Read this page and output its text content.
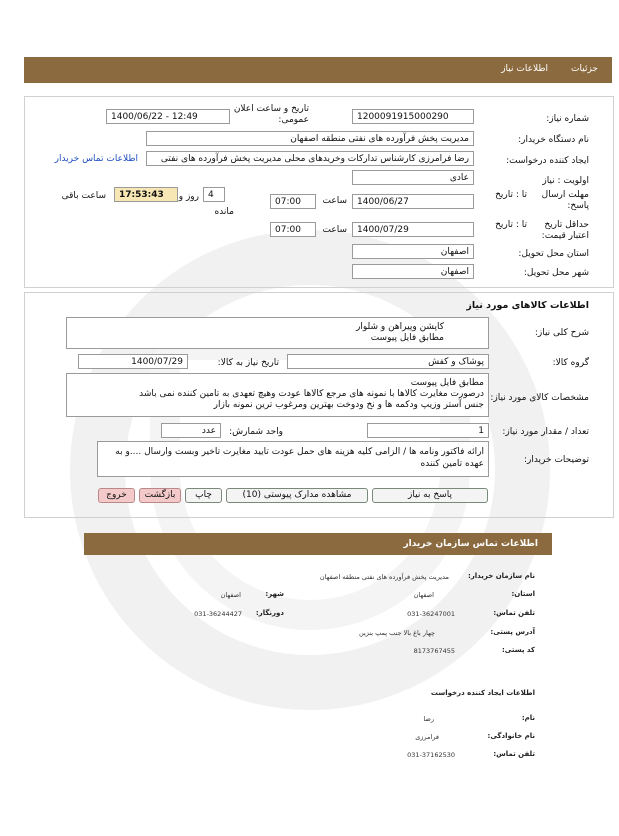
جزئیات
اطلاعات نیاز
شماره نیاز:
1200091915000290
تاریخ و ساعت اعلان عمومی:
1400/06/22 - 12:49
نام دستگاه خریدار:
مدیریت پخش فرآورده های نفتی منطقه اصفهان
ایجاد کننده درخواست:
رضا فرامرزی کارشناس تدارکات وخریدهای محلی مدیریت پخش فرآورده های نفتی
اطلاعات تماس خریدار
اولویت : نیاز
عادی
مهلت ارسال پاسخ:
تا : تاریخ
1400/06/27
ساعت
07:00
4
روز و
17:53:43
ساعت باقی
مانده
حداقل تاریخ اعتبار قیمت:
تا : تاریخ
1400/07/29
ساعت
07:00
استان محل تحویل:
اصفهان
شهر محل تحویل:
اصفهان
اطلاعات کالاهای مورد نیاز
شرح کلی نیاز:
کاپشن وپیراهن و شلوار
مطابق فایل پیوست
گروه کالا:
پوشاک و کفش
تاریخ نیاز به کالا:
1400/07/29
مشخصات کالای مورد نیاز:
مطابق فایل پیوست
درصورت مغایرت کالاها با نمونه های مرجع کالاها عودت وهیچ تعهدی به تامین کننده نمی باشد
جنس آستر وزیپ ودکمه ها و نخ ودوخت بهترین ومرغوب ترین نمونه بازار
تعداد / مقدار مورد نیاز:
1
واحد شمارش:
عدد
توضیحات خریدار:
ارائه فاکتور ونامه ها / الزامی کلیه هزینه های حمل عودت تایید مغایرت تاخیر وبست وارسال ....و به عهده تامین کننده
پاسخ به نیاز
مشاهده مدارک پیوستی (10)
چاپ
بازگشت
خروج
اطلاعات تماس سازمان خریدار
نام سازمان خریدار:
مدیریت پخش فرآورده های نفتی منطقه اصفهان
استان:
اصفهان
شهر:
اصفهان
تلفن تماس:
031-36247001
دورنگار:
031-36244427
آدرس پستی:
چهار باغ بالا جنب پمپ بنزین
کد پستی:
8173767455
اطلاعات ایجاد کننده درخواست
نام:
رضا
نام خانوادگی:
فرامرزی
تلفن تماس:
031-37162530
